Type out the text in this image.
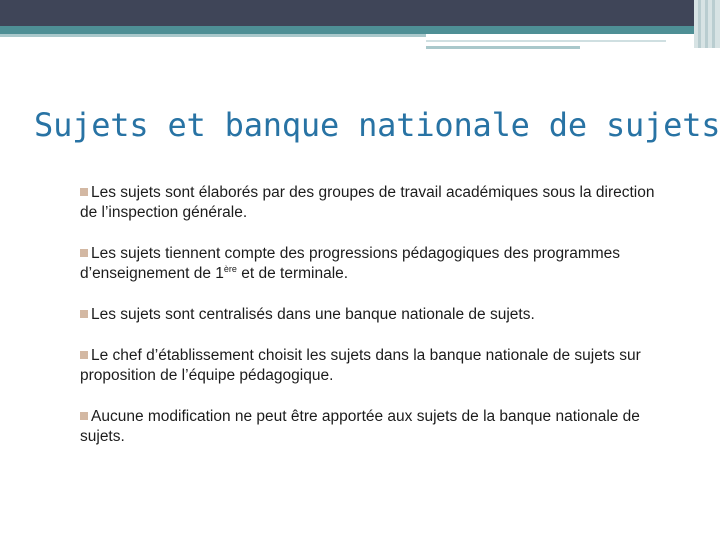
Sujets et banque nationale de sujets
Les sujets sont élaborés par des groupes de travail académiques sous la direction de l’inspection générale.
Les sujets tiennent compte des progressions pédagogiques des programmes d’enseignement de 1ère et de terminale.
Les sujets sont centralisés dans une banque nationale de sujets.
Le chef d’établissement choisit les sujets dans la banque nationale de sujets sur proposition de l’équipe pédagogique.
Aucune modification ne peut être apportée aux sujets de la banque nationale de sujets.
